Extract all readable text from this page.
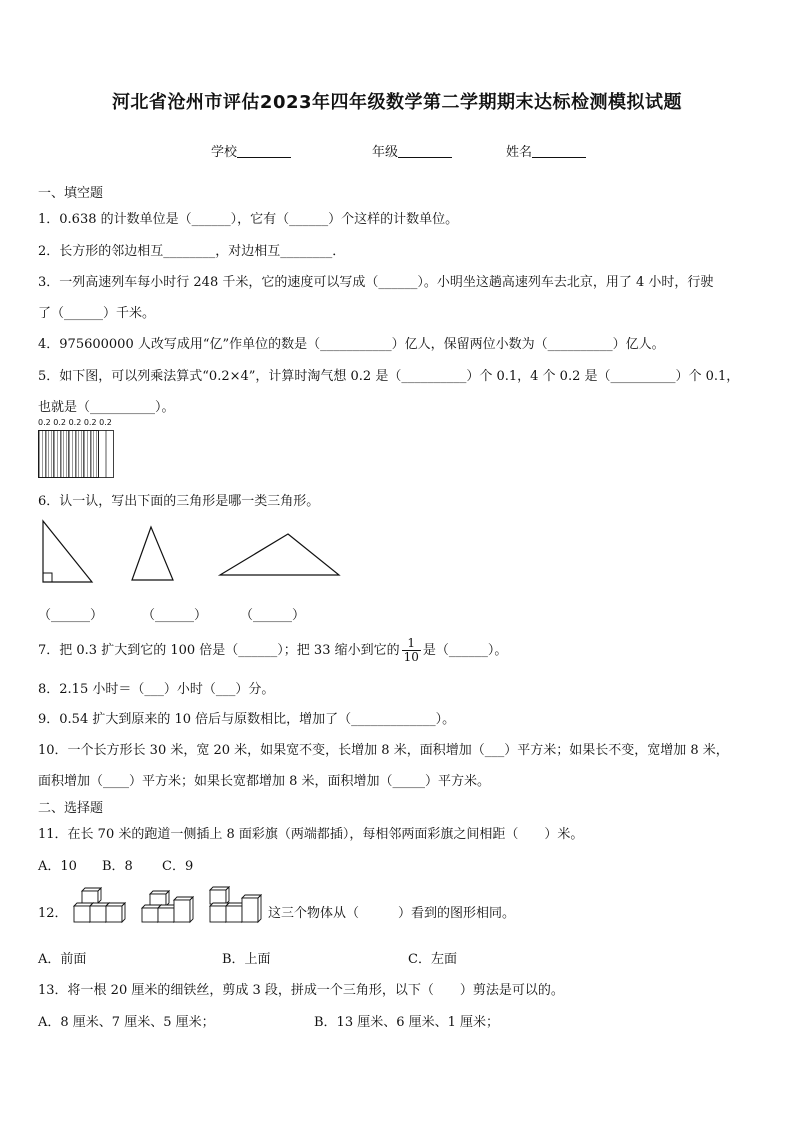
河北省沧州市评估2023年四年级数学第二学期期末达标检测模拟试题
学校	年级	姓名
一、填空题
1．0.638 的计数单位是（______），它有（______）个这样的计数单位。
2．长方形的邻边相互________，对边相互________．
3．一列高速列车每小时行 248 千米，它的速度可以写成（______）。小明坐这趟高速列车去北京，用了 4 小时，行驶
了（______）千米。
4．975600000 人改写成用“亿”作单位的数是（___________）亿人，保留两位小数为（__________）亿人。
5．如下图，可以列乘法算式“0.2×4”，计算时淘气想 0.2 是（__________）个 0.1，4 个 0.2 是（__________）个 0.1，
也就是（__________）。
0.2 0.2 0.2 0.2 0.2
6．认一认，写出下面的三角形是哪一类三角形。
（______）	（______）	（______）
7．把 0.3 扩大到它的 100 倍是（______）；把 33 缩小到它的 $\frac{1}{10}$ 是（______）。
8．2.15 小时＝（___）小时（___）分。
9．0.54 扩大到原来的 10 倍后与原数相比，增加了（_____________）。
10．一个长方形长 30 米，宽 20 米，如果宽不变，长增加 8 米，面积增加（___）平方米；如果长不变，宽增加 8 米，
面积增加（____）平方米；如果长宽都增加 8 米，面积增加（_____）平方米。
二、选择题
11．在长 70 米的跑道一侧插上 8 面彩旗（两端都插），每相邻两面彩旗之间相距（　　）米。
A．10 B．8 C．9
12．	这三个物体从（　　　）看到的图形相同。
A．前面	B．上面	C．左面
13．将一根 20 厘米的细铁丝，剪成 3 段，拼成一个三角形，以下（　　）剪法是可以的。
A．8 厘米、7 厘米、5 厘米；	B．13 厘米、6 厘米、1 厘米；
